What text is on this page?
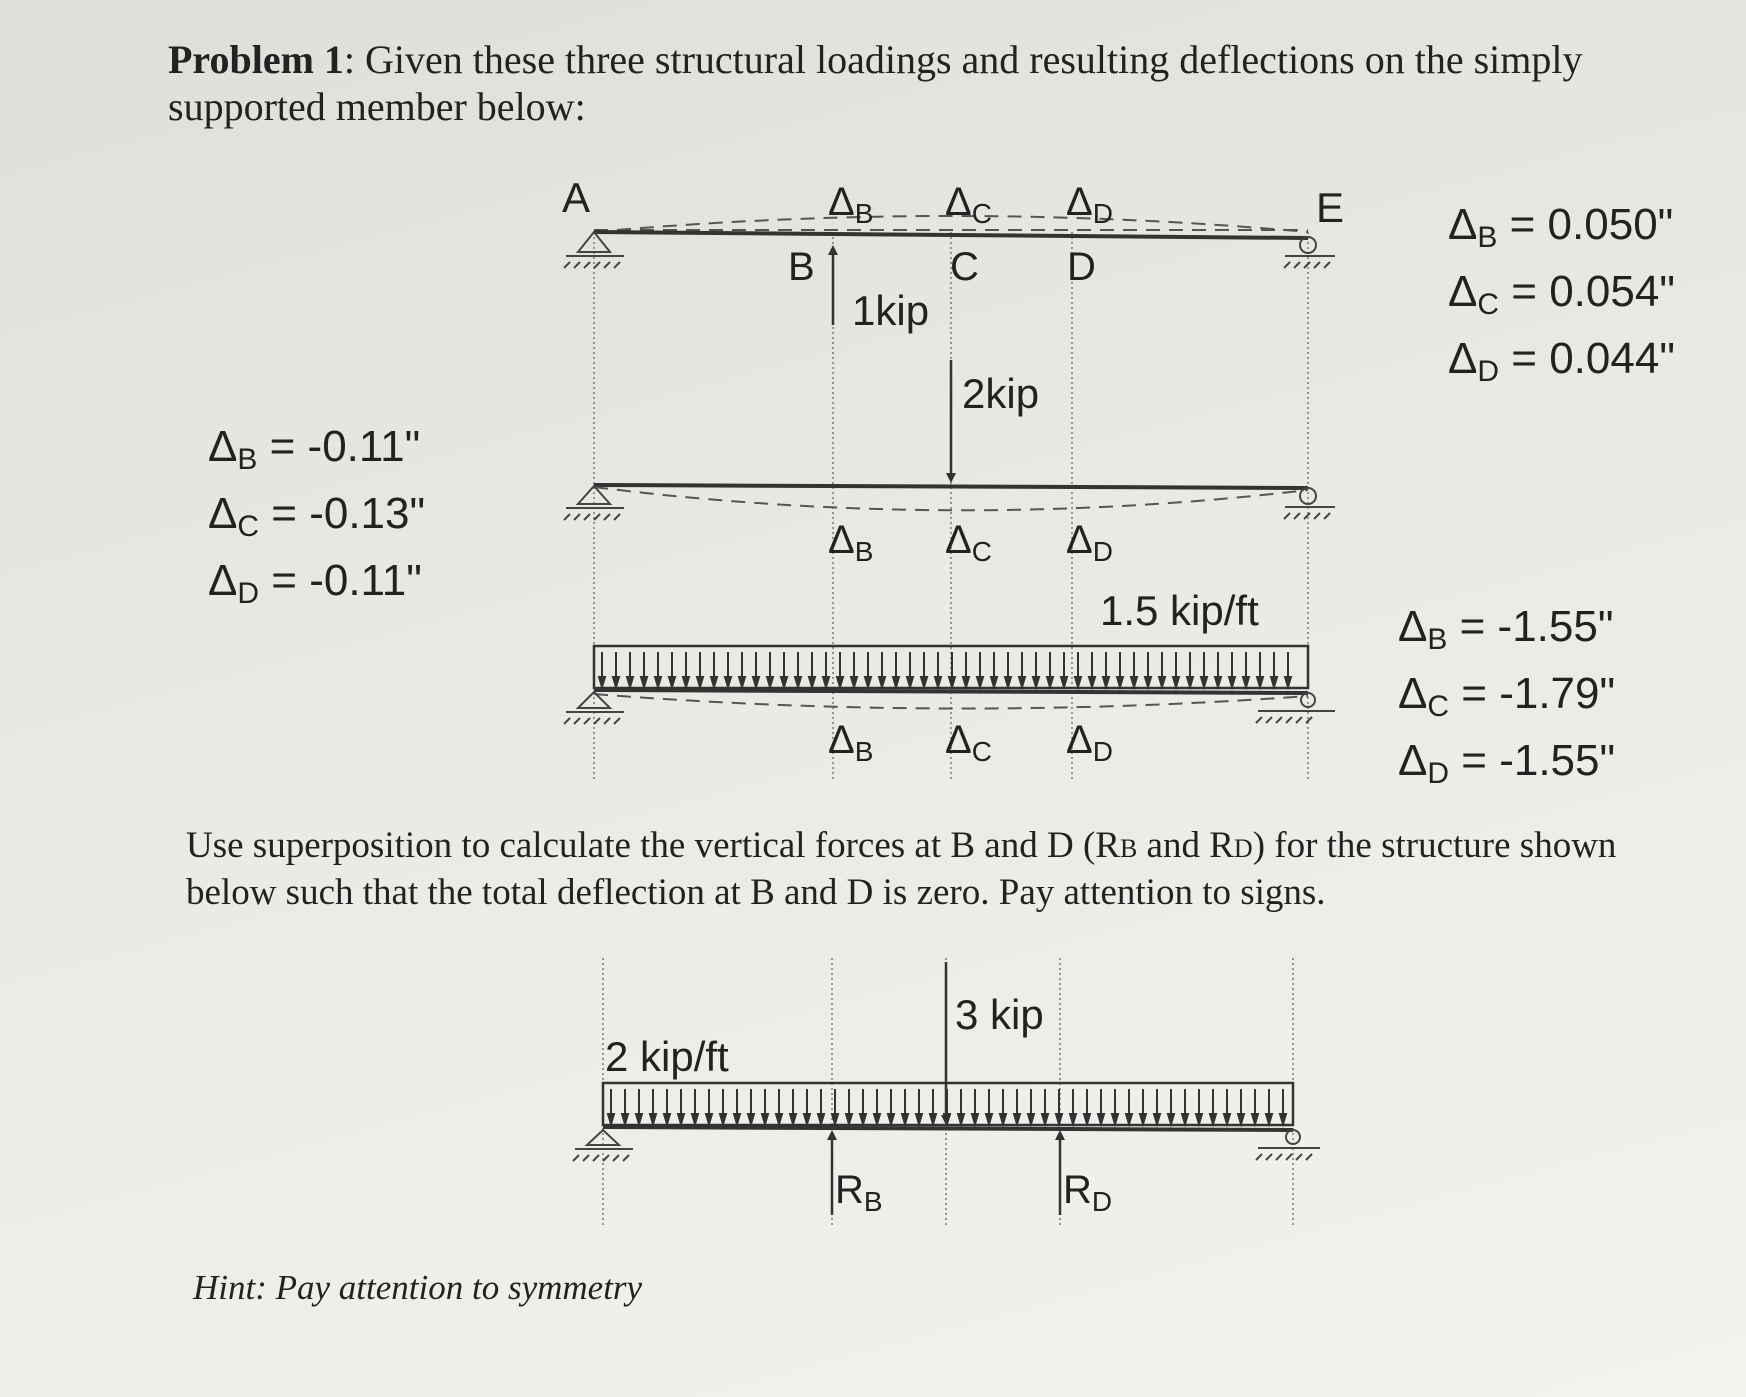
Problem 1: Given these three structural loadings and resulting deflections on the simply supported member below:
A
B	C D
E
1kip
$\Delta_B$ $\Delta_C$ $\Delta_D$
2kip
$\Delta_B$ $\Delta_C$ $\Delta_D$
1.5 kip/ft
$\Delta_B$ $\Delta_C$ $\Delta_D$
2 kip/ft
3 kip
$R_B$	$R_D$
$\Delta_B = 0.050$"
$\Delta_C = 0.054$"
$\Delta_D = 0.044$"
$\Delta_B = -0.11$"
$\Delta_C = -0.13$"
$\Delta_D = -0.11$"
$\Delta_B = -1.55$"
$\Delta_C = -1.79$"
$\Delta_D = -1.55$"
Use superposition to calculate the vertical forces at B and D (RB and RD) for the structure shown below such that the total deflection at B and D is zero. Pay attention to signs.
Hint: Pay attention to symmetry
